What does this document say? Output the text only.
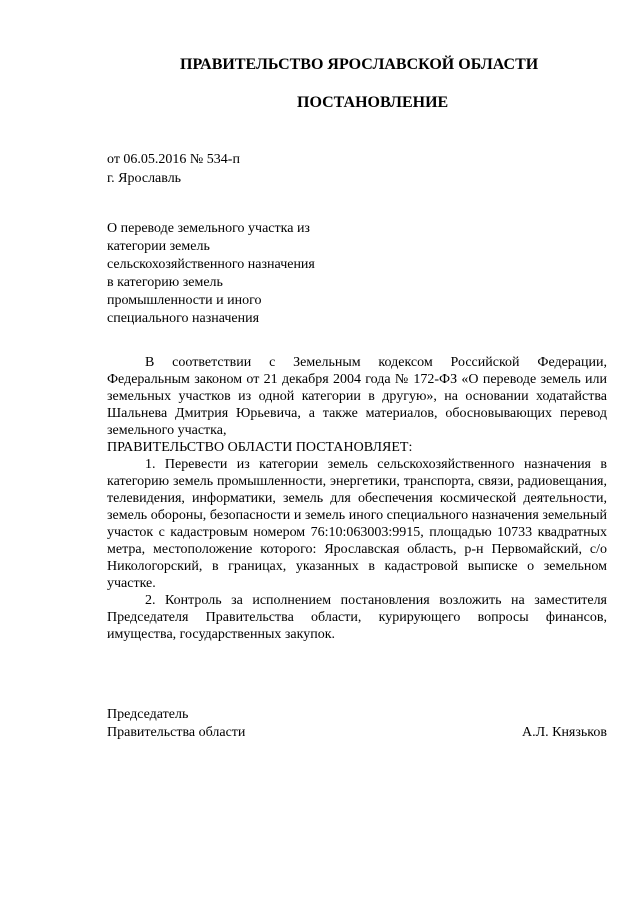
ПРАВИТЕЛЬСТВО ЯРОСЛАВСКОЙ ОБЛАСТИ
ПОСТАНОВЛЕНИЕ
от 06.05.2016 № 534-п
г. Ярославль
О переводе земельного участка из
категории земель
сельскохозяйственного назначения
в категорию земель
промышленности и иного
специального назначения

В соответствии с Земельным кодексом Российской Федерации, Федеральным законом от 21 декабря 2004 года № 172-ФЗ «О переводе земель или земельных участков из одной категории в другую», на основании ходатайства Шальнева Дмитрия Юрьевича, а также материалов, обосновывающих перевод земельного участка,

ПРАВИТЕЛЬСТВО ОБЛАСТИ ПОСТАНОВЛЯЕТ:

1. Перевести из категории земель сельскохозяйственного назначения в категорию земель промышленности, энергетики, транспорта, связи, радиовещания, телевидения, информатики, земель для обеспечения космической деятельности, земель обороны, безопасности и земель иного специального назначения земельный участок с кадастровым номером 76:10:063003:9915, площадью 10733 квадратных метра, местоположение которого: Ярославская область, р-н Первомайский, с/о Никологорский, в границах, указанных в кадастровой выписке о земельном участке.

2. Контроль за исполнением постановления возложить на заместителя Председателя Правительства области, курирующего вопросы финансов, имущества, государственных закупок.

Председатель
Правительства области	А.Л. Князьков
